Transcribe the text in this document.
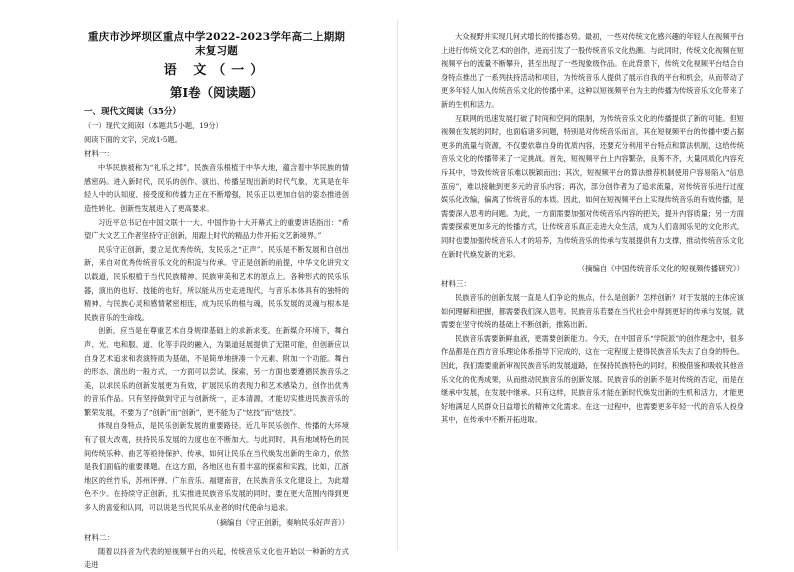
重庆市沙坪坝区重点中学2022-2023学年高二上期期末复习题

语 文（一）

第Ⅰ卷（阅读题）

一、现代文阅读（35分）

（一）现代文阅读Ⅰ（本题共5小题，19分）

阅读下面的文字，完成1-5题。

材料一：

中华民族被称为“礼乐之邦”，民族音乐根植于中华大地，蕴含着中华民族的情感密码。进入新时代，民乐的创作、演出、传播呈现出新的时代气象，尤其是在年轻人中的认知度、接受度和传播力正在不断增强，民乐正以更加自信的姿态推进创造性转化、创新性发展进入了更高要求。

习近平总书记在中国文联十一大、中国作协十大开幕式上的重要讲话指出：“希望广大文艺工作者坚持守正创新，用跟上时代的精品力作开拓文艺新境界。”

民乐守正创新，要立足优秀传统，发民乐之“正声”。民乐是不断发展和自创出新，来自对优秀传统音乐文化的积淀与传承。守正是创新的前提，中华文化讲究文以载道，民乐根植于当代民族精神、民族审美和艺术的原点上。各种形式的民乐乐器，演出的也好、技能的也好，所以能从历史走进现代，与音乐本体具有的独特的精神、与民族心灵和感情紧密相连，成为民乐的根与魂，民乐发展的灵魂与根本是民族音乐的生命线。

创新，应当是在尊重艺术自身规律基础上的求新求变。在新媒介环境下，舞台声、光、电和服、道、化等手段的融入，为渠道延展提供了无限可能，但创新应以自身艺术追求和表演特质为基础，不是简单地拼凑一个元素、附加一个功能。舞台的形态、演出的一般方式，一方面可以尝试、探索，另一方面也要遵循民族音乐之美，以求民乐的创新发展更为有效，扩展民乐的表现力和艺术感染力，创作出优秀的音乐作品。只有坚持做到守正与创新统一，正本清源，才能切实推进民族音乐的繁荣发展，不要为了“创新”而“创新”，更不能为了“炫技”而“炫技”。

体现自身特点，是民乐创新发展的重要路径。近几年民乐创作、传播的大环境有了很大改观，扶持民乐发展的力度也在不断加大。与此同时，具有地域特色的民间传统乐种、曲艺等亟待保护、传承，如何让民乐在当代焕发出新的生命力，依然是我们面临的重要课题。在这方面，各地区也有着丰富的探索和实践，比如，江浙地区的丝竹乐，苏州评弹、广东音乐、福建南音，在民族音乐文化建设上，为此增色不少。在持续守正创新，扎实推进民族音乐发展的同时，要在更大范围内得到更多人的喜爱和认同，可以说是当代民乐从业者的时代使命与追求。

（摘编自《守正创新，奏响民乐好声音》）

材料二：

随着以抖音为代表的短视频平台的兴起，传统音乐文化也开始以一种新的方式走进

大众视野并实现几何式增长的传播态势。最初，一些对传统文化感兴趣的年轻人在视频平台上进行传统文化艺术的创作，进而引发了一股传统音乐文化热潮。与此同时，传统文化视频在短视频平台的流量不断攀升，甚至出现了一些现象级作品。在此背景下，传统文化视频平台结合自身特点推出了一系列扶持活动和项目，为传统音乐人提供了展示自我的平台和机会，从而带动了更多年轻人加入传统音乐文化的传播中来，这种以短视频平台为主的传播为传统音乐文化带来了新的生机和活力。

互联网的迅速发展打破了时间和空间的限制，为传统音乐文化的传播提供了新的可能。但短视频在发展的同时，也面临诸多问题，特别是对传统音乐而言，其在短视频平台的传播中要占据更多的流量与资源，不仅要依靠自身的优质内容，还要充分利用平台特点和算法机制，这给传统音乐文化的传播带来了一定挑战。首先，短视频平台上内容繁杂，良莠不齐，大量同质化内容充斥其中，导致传统音乐难以脱颖而出；其次，短视频平台的算法推荐机制使用户容易陷入“信息茧房”，难以接触到更多元的音乐内容；再次，部分创作者为了追求流量，对传统音乐进行过度娱乐化改编，偏离了传统音乐的本质。因此，如何在短视频平台上实现传统音乐的有效传播，是需要深入思考的问题。为此，一方面需要加强对传统音乐内容的把关，提升内容质量；另一方面需要探索更加多元的传播方式，让传统音乐真正走进大众生活，成为人们喜闻乐见的文化形式，同时也要加强传统音乐人才的培养，为传统音乐的传承与发展提供有力支撑，推动传统音乐文化在新时代焕发新的光彩。

（摘编自《中国传统音乐文化的短视频传播研究》）

材料三：

民族音乐的创新发展一直是人们争论的焦点，什么是创新？怎样创新？对于发展的主体应该如何理解和把握，都需要我们深入思考。民族音乐若要在当代社会中得到更好的传承与发展，就需要在坚守传统的基础上不断创新，推陈出新。

民族音乐需要新鲜血液，更需要创新能力。今天，在中国音乐“学院派”的创作理念中，很多作品都是在西方音乐理论体系指导下完成的，这在一定程度上使得民族音乐失去了自身的特色。因此，我们需要重新审视民族音乐的发展道路，在保持民族特色的同时，积极借鉴和吸收其他音乐文化的优秀成果，从而推动民族音乐的创新发展。民族音乐的创新不是对传统的否定，而是在继承中发展，在发展中继承。只有这样，民族音乐才能在新时代焕发出新的生机和活力，才能更好地满足人民群众日益增长的精神文化需求。在这一过程中，也需要更多年轻一代的音乐人投身其中，在传承中不断开拓进取。
